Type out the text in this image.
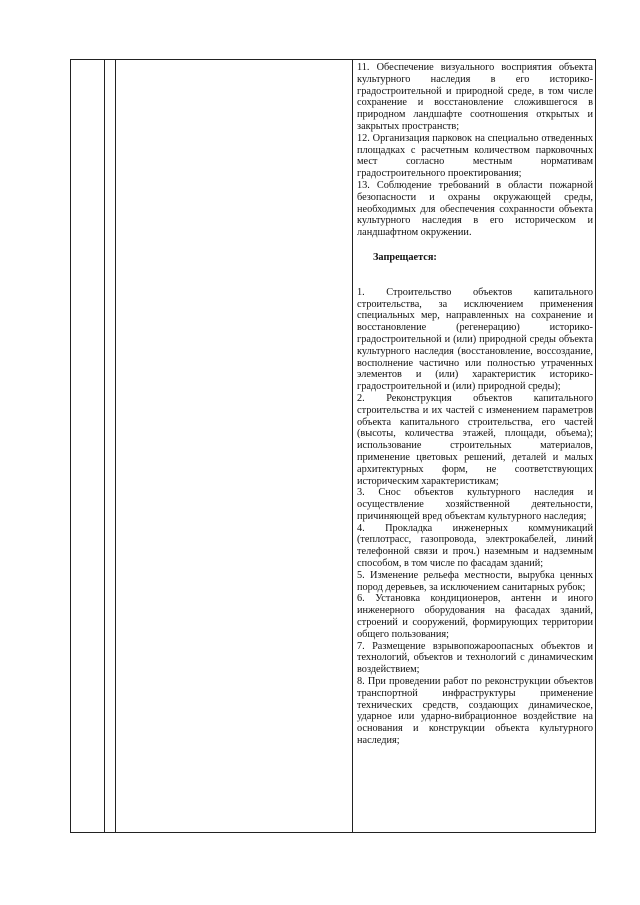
11. Обеспечение визуального восприятия объекта культурного наследия в его историко-градостроительной и природной среде, в том числе сохранение и восстановление сложившегося в природном ландшафте соотношения открытых и закрытых пространств;

12. Организация парковок на специально отведенных площадках с расчетным количеством парковочных мест согласно местным нормативам градостроительного проектирования;

13. Соблюдение требований в области пожарной безопасности и охраны окружающей среды, необходимых для обеспечения сохранности объекта культурного наследия в его историческом и ландшафтном окружении.

Запрещается:

1. Строительство объектов капитального строительства, за исключением применения специальных мер, направленных на сохранение и восстановление (регенерацию) историко-градостроительной и (или) природной среды объекта культурного наследия (восстановление, воссоздание, восполнение частично или полностью утраченных элементов и (или) характеристик историко-градостроительной и (или) природной среды);

2. Реконструкция объектов капитального строительства и их частей с изменением параметров объекта капитального строительства, его частей (высоты, количества этажей, площади, объема); использование строительных материалов, применение цветовых решений, деталей и малых архитектурных форм, не соответствующих историческим характеристикам;

3. Снос объектов культурного наследия и осуществление хозяйственной деятельности, причиняющей вред объектам культурного наследия;

4. Прокладка инженерных коммуникаций (теплотрасс, газопровода, электрокабелей, линий телефонной связи и проч.) наземным и надземным способом, в том числе по фасадам зданий;

5. Изменение рельефа местности, вырубка ценных пород деревьев, за исключением санитарных рубок;

6. Установка кондиционеров, антенн и иного инженерного оборудования на фасадах зданий, строений и сооружений, формирующих территории общего пользования;

7. Размещение взрывопожароопасных объектов и технологий, объектов и технологий с динамическим воздействием;

8. При проведении работ по реконструкции объектов транспортной инфраструктуры применение технических средств, создающих динамическое, ударное или ударно-вибрационное воздействие на основания и конструкции объекта культурного наследия;
